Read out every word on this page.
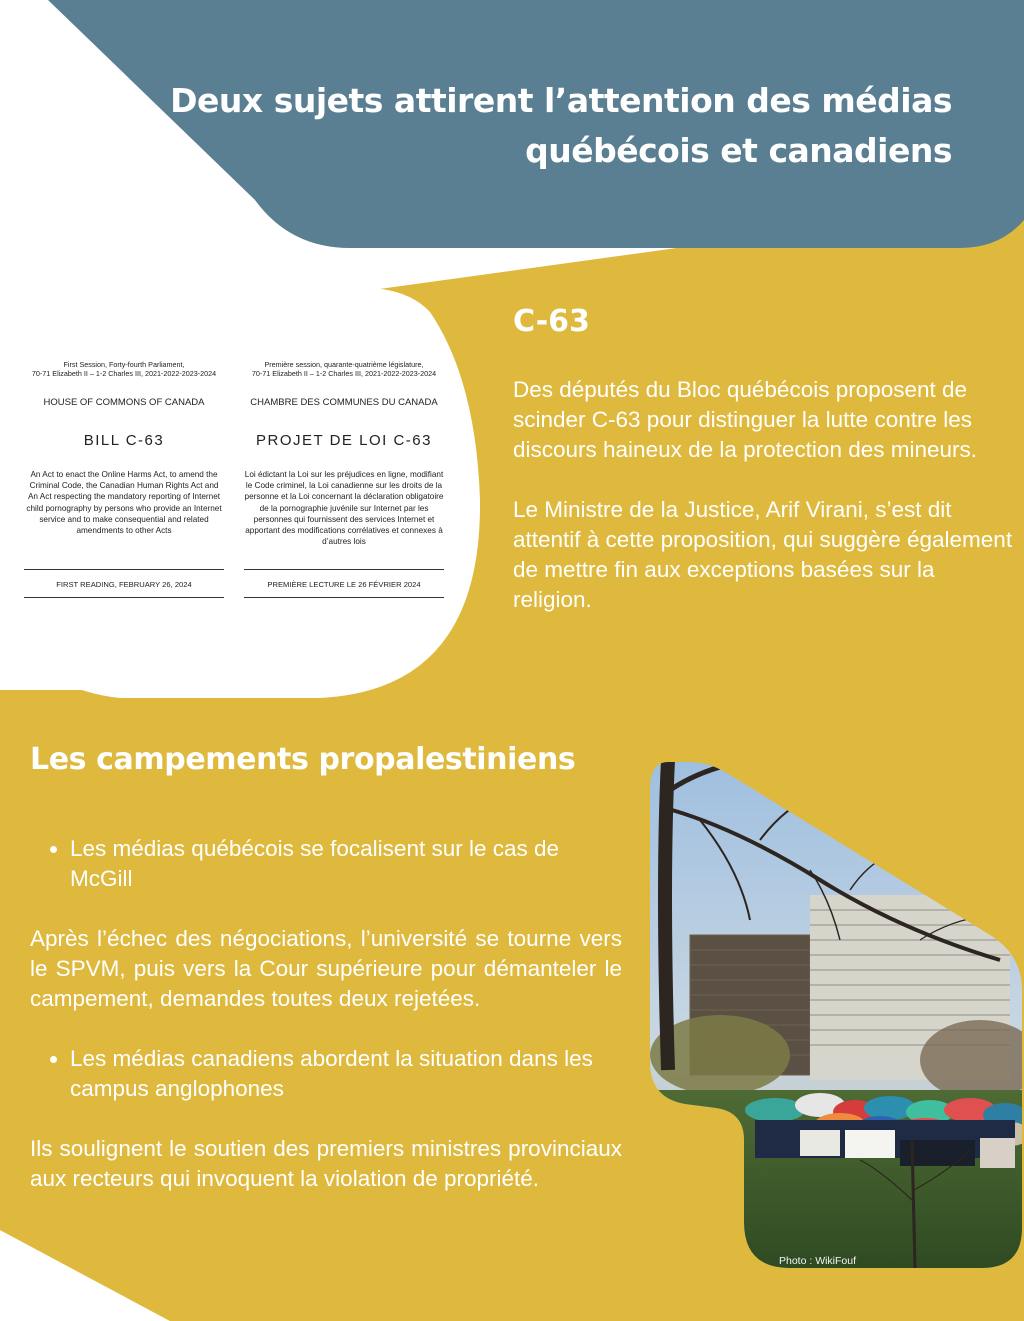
Deux sujets attirent l’attention des médias
québécois et canadiens
First Session, Forty-fourth Parliament,
70-71 Elizabeth II – 1-2 Charles III, 2021-2022-2023-2024
HOUSE OF COMMONS OF CANADA
BILL C-63
An Act to enact the Online Harms Act, to amend the Criminal Code, the Canadian Human Rights Act and An Act respecting the mandatory reporting of Internet child pornography by persons who provide an Internet service and to make consequential and related amendments to other Acts
FIRST READING, FEBRUARY 26, 2024
Première session, quarante-quatrième législature,
70-71 Elizabeth II – 1-2 Charles III, 2021-2022-2023-2024
CHAMBRE DES COMMUNES DU CANADA
PROJET DE LOI C-63
Loi édictant la Loi sur les préjudices en ligne, modifiant le Code criminel, la Loi canadienne sur les droits de la personne et la Loi concernant la déclaration obligatoire de la pornographie juvénile sur Internet par les personnes qui fournissent des services Internet et apportant des modifications corrélatives et connexes à d’autres lois
PREMIÈRE LECTURE LE 26 FÉVRIER 2024
C-63

Des députés du Bloc québécois proposent de scinder C-63 pour distinguer la lutte contre les discours haineux de la protection des mineurs.

Le Ministre de la Justice, Arif Virani, s’est dit attentif à cette proposition, qui suggère également de mettre fin aux exceptions basées sur la religion.

Les campements propalestiniens
• Les médias québécois se focalisent sur le cas de McGill

Après l’échec des négociations, l’université se tourne vers le SPVM, puis vers la Cour supérieure pour démanteler le campement, demandes toutes deux rejetées.

• Les médias canadiens abordent la situation dans les campus anglophones

Ils soulignent le soutien des premiers ministres provinciaux aux recteurs qui invoquent la violation de propriété.

Photo : WikiFouf
